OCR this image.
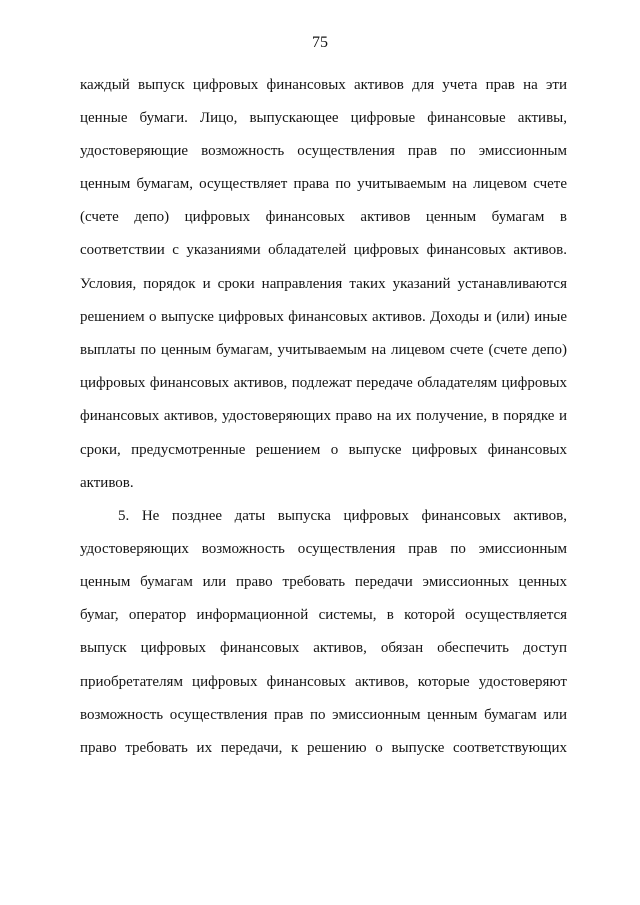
75
каждый выпуск цифровых финансовых активов для учета прав на эти
ценные бумаги. Лицо, выпускающее цифровые финансовые активы,
удостоверяющие возможность осуществления прав по эмиссионным
ценным бумагам, осуществляет права по учитываемым на лицевом счете
(счете депо) цифровых финансовых активов ценным бумагам в
соответствии с указаниями обладателей цифровых финансовых активов.
Условия, порядок и сроки направления таких указаний устанавливаются
решением о выпуске цифровых финансовых активов. Доходы и (или) иные
выплаты по ценным бумагам, учитываемым на лицевом счете (счете депо)
цифровых финансовых активов, подлежат передаче обладателям цифровых
финансовых активов, удостоверяющих право на их получение, в порядке и
сроки, предусмотренные решением о выпуске цифровых финансовых
активов.
5. Не позднее даты выпуска цифровых финансовых активов,
удостоверяющих возможность осуществления прав по эмиссионным
ценным бумагам или право требовать передачи эмиссионных ценных
бумаг, оператор информационной системы, в которой осуществляется
выпуск цифровых финансовых активов, обязан обеспечить доступ
приобретателям цифровых финансовых активов, которые удостоверяют
возможность осуществления прав по эмиссионным ценным бумагам или
право требовать их передачи, к решению о выпуске соответствующих
